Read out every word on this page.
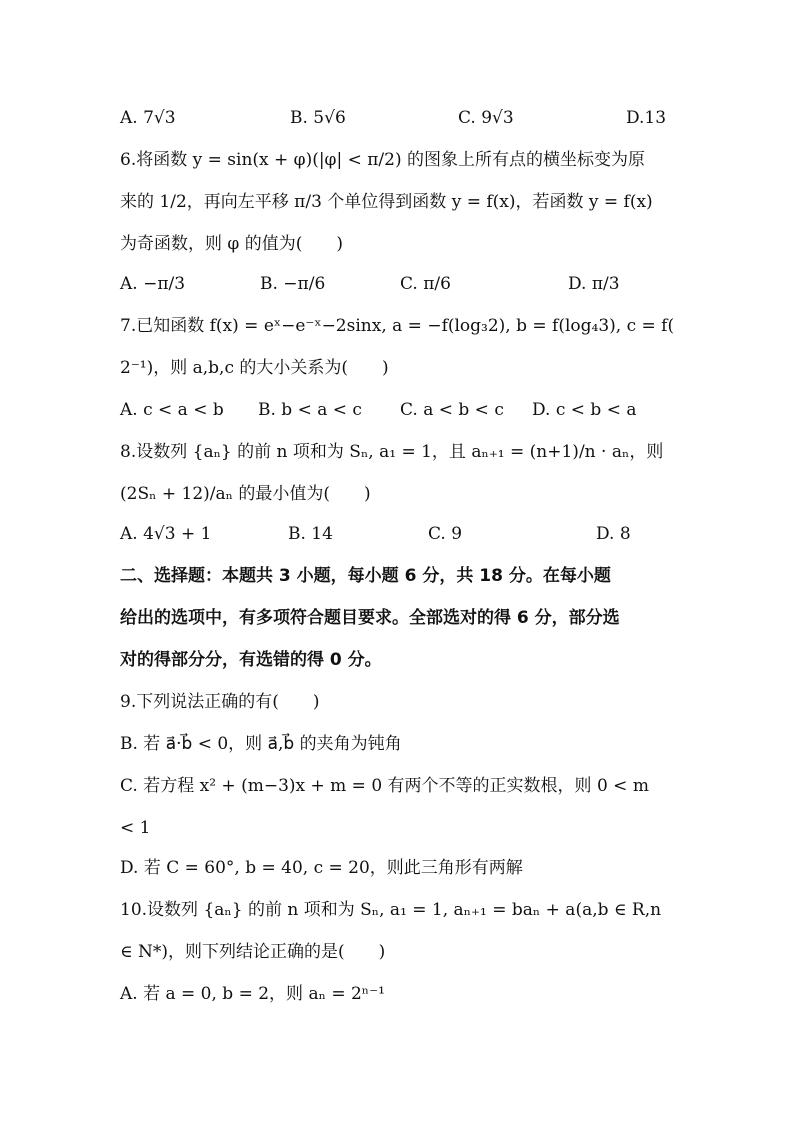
A. 7√3	B. 5√6	C. 9√3	D.13
6.将函数 y = sin(x + φ)(|φ| < π/2) 的图象上所有点的横坐标变为原
来的 1/2，再向左平移 π/3 个单位得到函数 y = f(x)，若函数 y = f(x)
为奇函数，则 φ 的值为(　　)
A. −π/3	B. −π/6	C. π/6	D. π/3
7.已知函数 f(x) = eˣ−e⁻ˣ−2sinx, a = −f(log₃2), b = f(log₄3), c = f(
2⁻¹)，则 a,b,c 的大小关系为(　　)
A. c < a < b	B. b < a < c	C. a < b < c	D. c < b < a
8.设数列 {aₙ} 的前 n 项和为 Sₙ, a₁ = 1，且 aₙ₊₁ = (n+1)/n · aₙ，则
(2Sₙ + 12)/aₙ 的最小值为(　　)
A. 4√3 + 1	B. 14	C. 9	D. 8
二、选择题：本题共 3 小题，每小题 6 分，共 18 分。在每小题
给出的选项中，有多项符合题目要求。全部选对的得 6 分，部分选
对的得部分分，有选错的得 0 分。
9.下列说法正确的有(　　)
B. 若 a⃗·b⃗ < 0，则 a⃗,b⃗ 的夹角为钝角
C. 若方程 x² + (m−3)x + m = 0 有两个不等的正实数根，则 0 < m
< 1
D. 若 C = 60°, b = 40, c = 20，则此三角形有两解
10.设数列 {aₙ} 的前 n 项和为 Sₙ, a₁ = 1, aₙ₊₁ = baₙ + a(a,b ∈ R,n
∈ N*)，则下列结论正确的是(　　)
A. 若 a = 0, b = 2，则 aₙ = 2ⁿ⁻¹
